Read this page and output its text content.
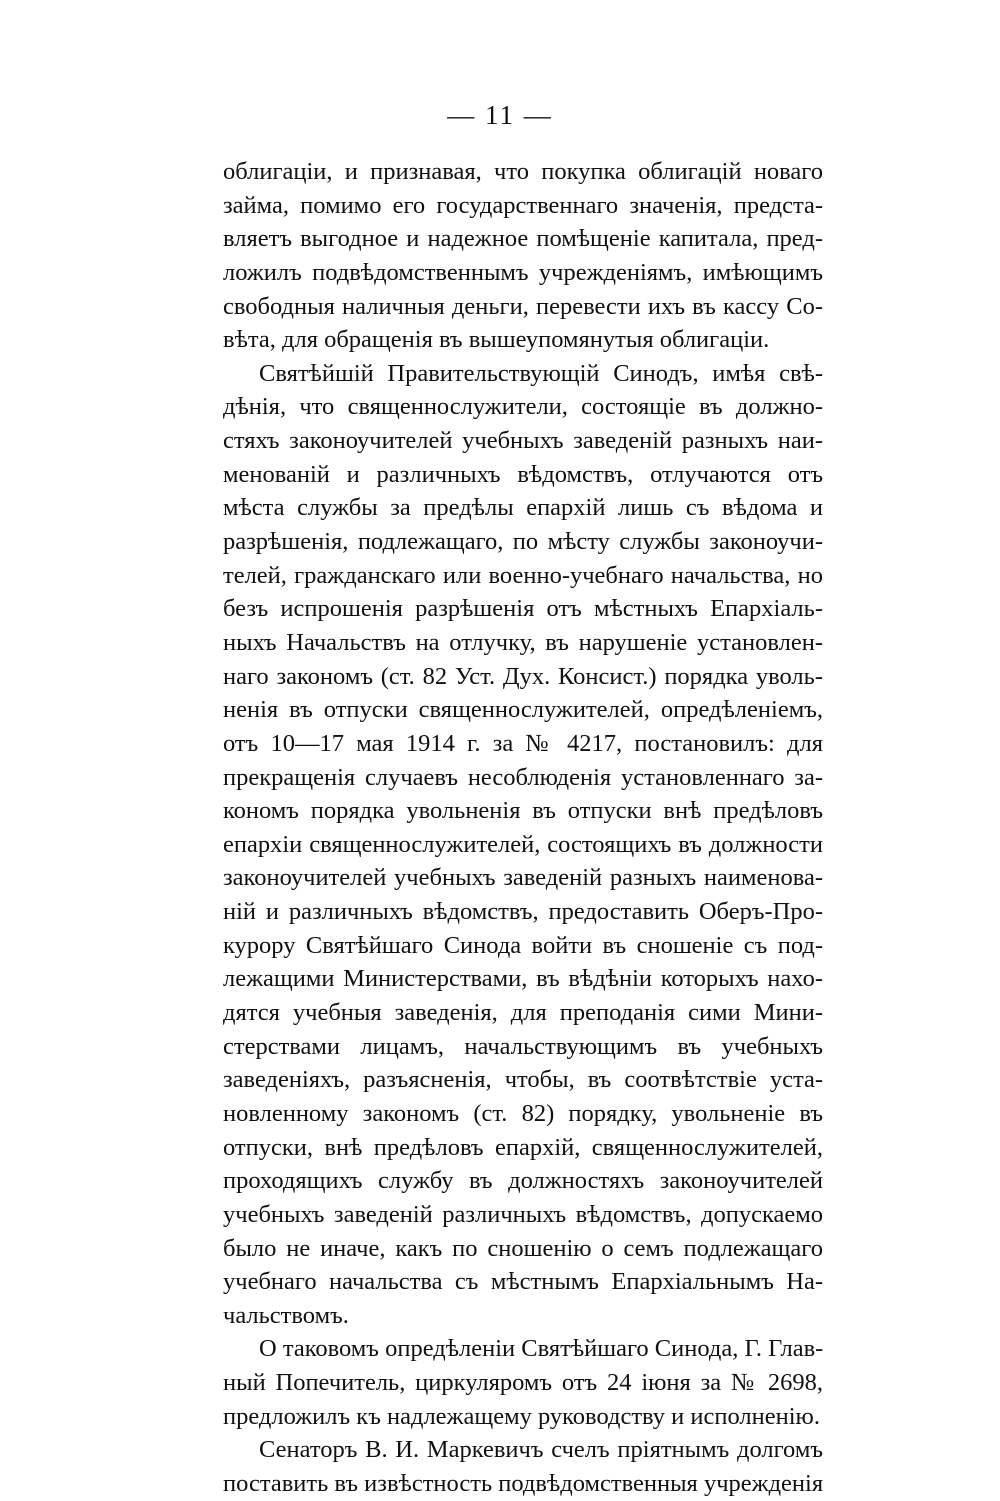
— 11 —
облигаціи, и признавая, что покупка облигацій новаго
займа, помимо его государственнаго значенія, предста-
вляетъ выгодное и надежное помѣщеніе капитала, пред-
ложилъ подвѣдомственнымъ учрежденіямъ, имѣющимъ
свободныя наличныя деньги, перевести ихъ въ кассу Со-
вѣта, для обращенія въ вышеупомянутыя облигаціи.
Святѣйшій Правительствующій Синодъ, имѣя свѣ-
дѣнія, что священнослужители, состоящіе въ должно-
стяхъ законоучителей учебныхъ заведеній разныхъ наи-
менованій и различныхъ вѣдомствъ, отлучаются отъ
мѣста службы за предѣлы епархій лишь съ вѣдома и
разрѣшенія, подлежащаго, по мѣсту службы законоучи-
телей, гражданскаго или военно-учебнаго начальства, но
безъ испрошенія разрѣшенія отъ мѣстныхъ Епархіаль-
ныхъ Начальствъ на отлучку, въ нарушеніе установлен-
наго закономъ (ст. 82 Уст. Дух. Консист.) порядка уволь-
ненія въ отпуски священнослужителей, опредѣленіемъ,
отъ 10—17 мая 1914 г. за № 4217, постановилъ: для
прекращенія случаевъ несоблюденія установленнаго за-
кономъ порядка увольненія въ отпуски внѣ предѣловъ
епархіи священнослужителей, состоящихъ въ должности
законоучителей учебныхъ заведеній разныхъ наименова-
ній и различныхъ вѣдомствъ, предоставить Оберъ-Про-
курору Святѣйшаго Синода войти въ сношеніе съ под-
лежащими Министерствами, въ вѣдѣніи которыхъ нахо-
дятся учебныя заведенія, для преподанія сими Мини-
стерствами лицамъ, начальствующимъ въ учебныхъ
заведеніяхъ, разъясненія, чтобы, въ соотвѣтствіе уста-
новленному закономъ (ст. 82) порядку, увольненіе въ
отпуски, внѣ предѣловъ епархій, священнослужителей,
проходящихъ службу въ должностяхъ законоучителей
учебныхъ заведеній различныхъ вѣдомствъ, допускаемо
было не иначе, какъ по сношенію о семъ подлежащаго
учебнаго начальства съ мѣстнымъ Епархіальнымъ На-
чальствомъ.
О таковомъ опредѣленіи Святѣйшаго Синода, Г. Глав-
ный Попечитель, циркуляромъ отъ 24 іюня за № 2698,
предложилъ къ надлежащему руководству и исполненію.
Сенаторъ В. И. Маркевичъ счелъ пріятнымъ долгомъ
поставить въ извѣстность подвѣдомственныя учрежденія
